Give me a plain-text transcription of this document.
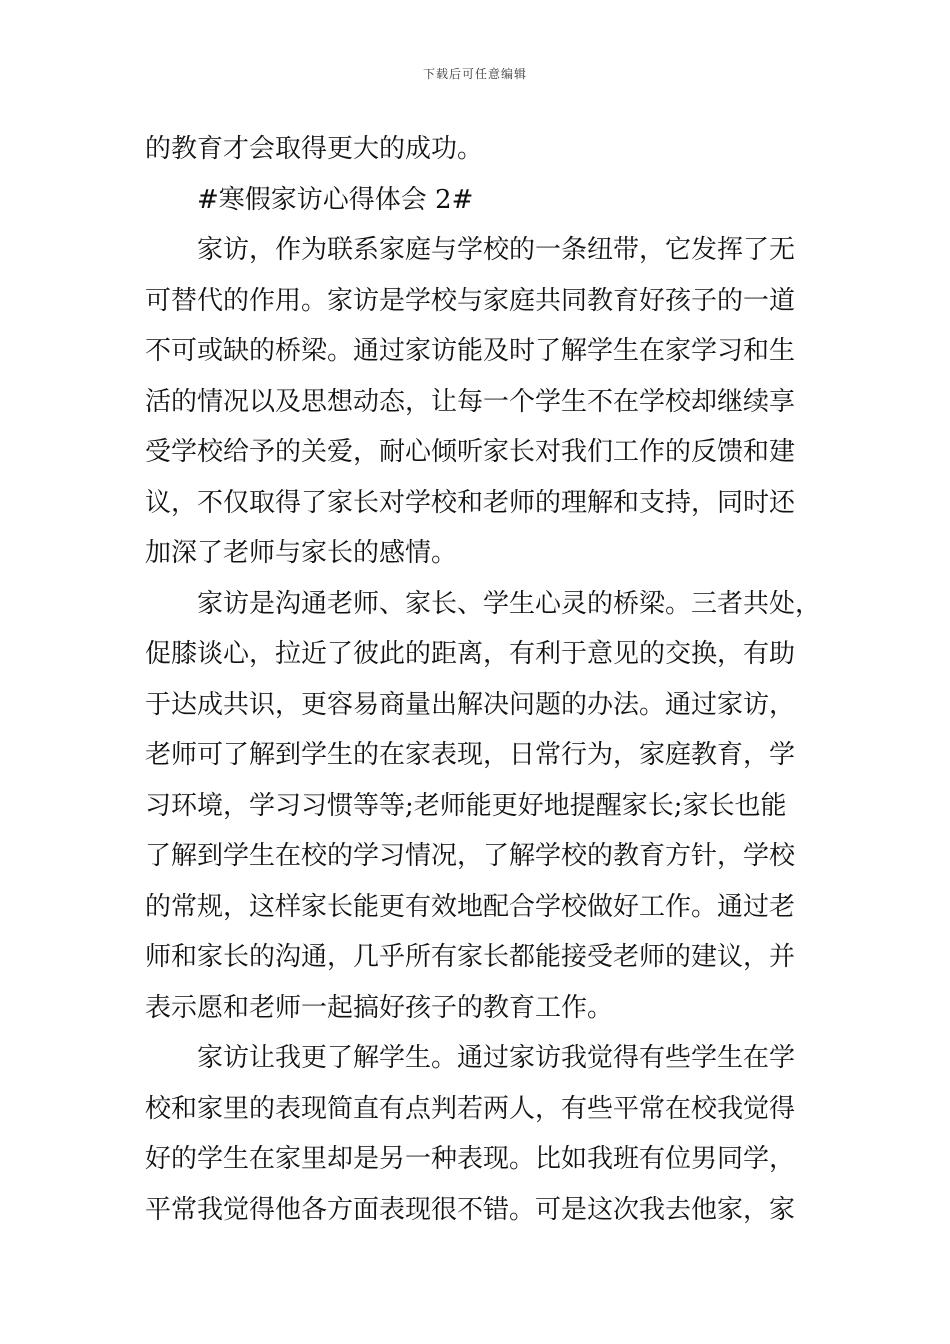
下载后可任意编辑
的教育才会取得更大的成功。
#寒假家访心得体会 2#
家访，作为联系家庭与学校的一条纽带，它发挥了无
可替代的作用。家访是学校与家庭共同教育好孩子的一道
不可或缺的桥梁。通过家访能及时了解学生在家学习和生
活的情况以及思想动态，让每一个学生不在学校却继续享
受学校给予的关爱，耐心倾听家长对我们工作的反馈和建
议，不仅取得了家长对学校和老师的理解和支持，同时还
加深了老师与家长的感情。
家访是沟通老师、家长、学生心灵的桥梁。三者共处，
促膝谈心，拉近了彼此的距离，有利于意见的交换，有助
于达成共识，更容易商量出解决问题的办法。通过家访，
老师可了解到学生的在家表现，日常行为，家庭教育，学
习环境，学习习惯等等;老师能更好地提醒家长;家长也能
了解到学生在校的学习情况，了解学校的教育方针，学校
的常规，这样家长能更有效地配合学校做好工作。通过老
师和家长的沟通，几乎所有家长都能接受老师的建议，并
表示愿和老师一起搞好孩子的教育工作。
家访让我更了解学生。通过家访我觉得有些学生在学
校和家里的表现简直有点判若两人，有些平常在校我觉得
好的学生在家里却是另一种表现。比如我班有位男同学，
平常我觉得他各方面表现很不错。可是这次我去他家，家
